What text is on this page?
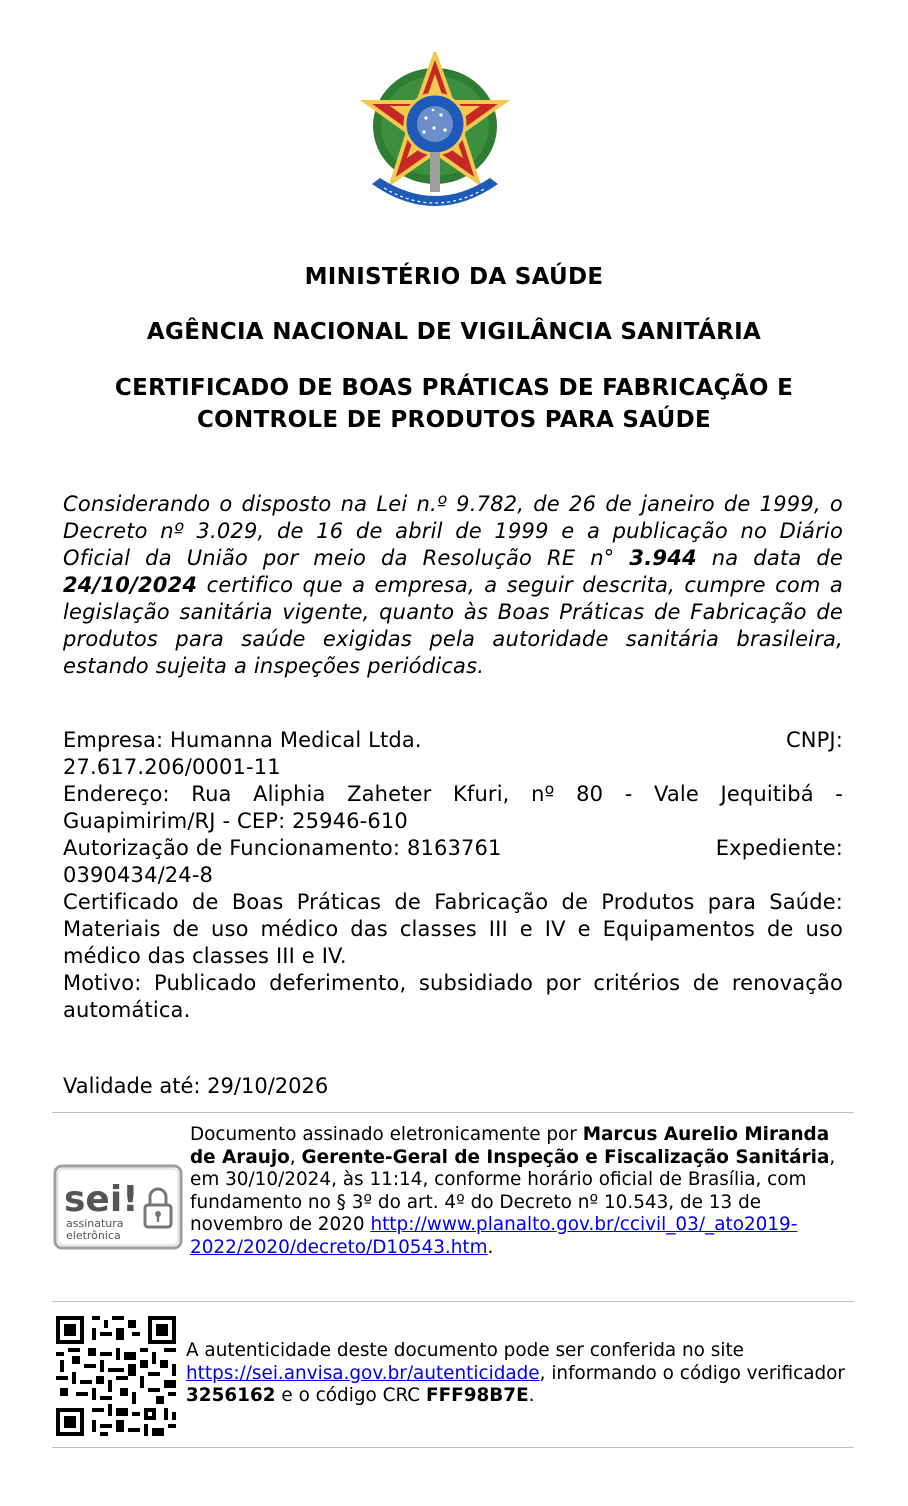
MINISTÉRIO DA SAÚDE
AGÊNCIA NACIONAL DE VIGILÂNCIA SANITÁRIA
CERTIFICADO DE BOAS PRÁTICAS DE FABRICAÇÃO E
CONTROLE DE PRODUTOS PARA SAÚDE
Considerando o disposto na Lei n.º 9.782, de 26 de janeiro de 1999, o Decreto nº 3.029, de 16 de abril de 1999 e a publicação no Diário Oficial da União por meio da Resolução RE n° 3.944 na data de 24/10/2024 certifico que a empresa, a seguir descrita, cumpre com a legislação sanitária vigente, quanto às Boas Práticas de Fabricação de produtos para saúde exigidas pela autoridade sanitária brasileira, estando sujeita a inspeções periódicas.
Empresa: Humanna Medical Ltda.	CNPJ:
27.617.206/0001-11
Endereço: Rua Aliphia Zaheter Kfuri, nº 80 - Vale Jequitibá - Guapimirim/RJ - CEP: 25946-610
Autorização de Funcionamento: 8163761	Expediente:
0390434/24-8
Certificado de Boas Práticas de Fabricação de Produtos para Saúde: Materiais de uso médico das classes III e IV e Equipamentos de uso médico das classes III e IV.
Motivo: Publicado deferimento, subsidiado por critérios de renovação automática.
Validade até: 29/10/2026
sei!
assinatura
eletrônica
Documento assinado eletronicamente por Marcus Aurelio Miranda de Araujo, Gerente-Geral de Inspeção e Fiscalização Sanitária, em 30/10/2024, às 11:14, conforme horário oficial de Brasília, com fundamento no § 3º do art. 4º do Decreto nº 10.543, de 13 de novembro de 2020 http://www.planalto.gov.br/ccivil_03/_ato2019-2022/2020/decreto/D10543.htm.
A autenticidade deste documento pode ser conferida no site https://sei.anvisa.gov.br/autenticidade, informando o código verificador 3256162 e o código CRC FFF98B7E.
